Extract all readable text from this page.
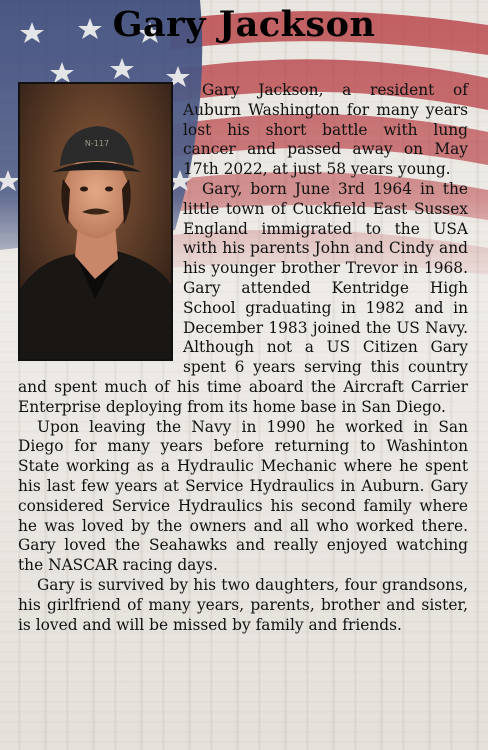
Gary Jackson
N-117

Gary Jackson, a resident of Auburn Washington for many years lost his short battle with lung cancer and passed away on May 17th 2022, at just 58 years young.

Gary, born June 3rd 1964 in the little town of Cuckfield East Sussex England immigrated to the USA with his parents John and Cindy and his younger brother Trevor in 1968. Gary attended Kentridge High School graduating in 1982 and in December 1983 joined the US Navy. Although not a US Citizen Gary spent 6 years serving this country and spent much of his time aboard the Aircraft Carrier Enterprise deploying from its home base in San Diego.

Upon leaving the Navy in 1990 he worked in San Diego for many years before returning to Washinton State working as a Hydraulic Mechanic where he spent his last few years at Service Hydraulics in Auburn. Gary considered Service Hydraulics his second family where he was loved by the owners and all who worked there. Gary loved the Seahawks and really enjoyed watching the NASCAR racing days.

Gary is survived by his two daughters, four grandsons, his girlfriend of many years, parents, brother and sister, is loved and will be missed by family and friends.
